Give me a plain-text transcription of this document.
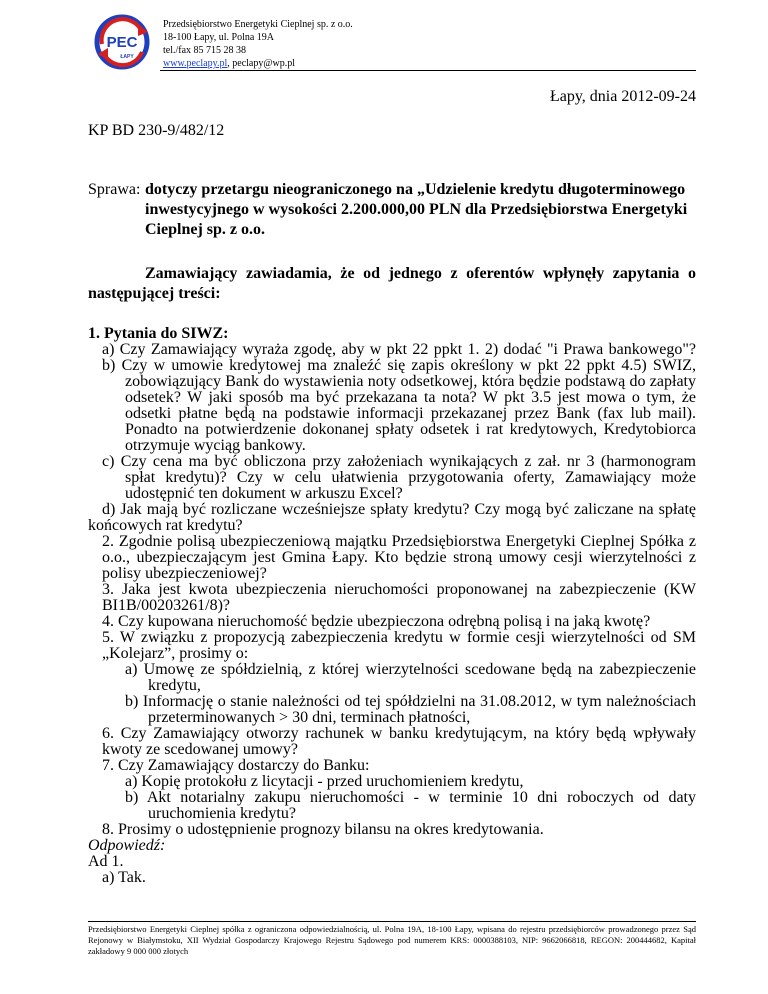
PEC
ŁAPY
Przedsiębiorstwo Energetyki Cieplnej sp. z o.o.
18-100 Łapy, ul. Polna 19A
tel./fax 85 715 28 38
www.peclapy.pl, peclapy@wp.pl
Łapy, dnia 2012-09-24
KP BD 230-9/482/12
Sprawa: dotyczy przetargu nieograniczonego na „Udzielenie kredytu długoterminowego
inwestycyjnego w wysokości 2.200.000,00 PLN dla Przedsiębiorstwa Energetyki
Cieplnej sp. z o.o.
Zamawiający zawiadamia, że od jednego z oferentów wpłynęły zapytania o
następującej treści:
1. Pytania do SIWZ:
a) Czy Zamawiający wyraża zgodę, aby w pkt 22 ppkt 1. 2) dodać "i Prawa bankowego"?
b) Czy w umowie kredytowej ma znaleźć się zapis określony w pkt 22 ppkt 4.5) SWIZ,
zobowiązujący Bank do wystawienia noty odsetkowej, która będzie podstawą do zapłaty
odsetek? W jaki sposób ma być przekazana ta nota? W pkt 3.5 jest mowa o tym, że
odsetki płatne będą na podstawie informacji przekazanej przez Bank (fax lub mail).
Ponadto na potwierdzenie dokonanej spłaty odsetek i rat kredytowych, Kredytobiorca
otrzymuje wyciąg bankowy.
c) Czy cena ma być obliczona przy założeniach wynikających z zał. nr 3 (harmonogram
spłat kredytu)? Czy w celu ułatwienia przygotowania oferty, Zamawiający może
udostępnić ten dokument w arkuszu Excel?
d) Jak mają być rozliczane wcześniejsze spłaty kredytu? Czy mogą być zaliczane na spłatę
końcowych rat kredytu?
2. Zgodnie polisą ubezpieczeniową majątku Przedsiębiorstwa Energetyki Cieplnej Spółka z
o.o., ubezpieczającym jest Gmina Łapy. Kto będzie stroną umowy cesji wierzytelności z
polisy ubezpieczeniowej?
3. Jaka jest kwota ubezpieczenia nieruchomości proponowanej na zabezpieczenie (KW
BI1B/00203261/8)?
4. Czy kupowana nieruchomość będzie ubezpieczona odrębną polisą i na jaką kwotę?
5. W związku z propozycją zabezpieczenia kredytu w formie cesji wierzytelności od SM
„Kolejarz”, prosimy o:
a) Umowę ze spółdzielnią, z której wierzytelności scedowane będą na zabezpieczenie
kredytu,
b) Informację o stanie należności od tej spółdzielni na 31.08.2012, w tym należnościach
przeterminowanych > 30 dni, terminach płatności,
6. Czy Zamawiający otworzy rachunek w banku kredytującym, na który będą wpływały
kwoty ze scedowanej umowy?
7. Czy Zamawiający dostarczy do Banku:
a) Kopię protokołu z licytacji - przed uruchomieniem kredytu,
b) Akt notarialny zakupu nieruchomości - w terminie 10 dni roboczych od daty
uruchomienia kredytu?
8. Prosimy o udostępnienie prognozy bilansu na okres kredytowania.
Odpowiedź:
Ad 1.
a) Tak.
Przedsiębiorstwo Energetyki Cieplnej spółka z ograniczona odpowiedzialnością, ul. Polna 19A, 18-100 Łapy, wpisana do rejestru przedsiębiorców prowadzonego przez Sąd Rejonowy w Białymstoku, XII Wydział Gospodarczy Krajowego Rejestru Sądowego pod numerem KRS: 0000388103, NIP: 9662066818, REGON: 200444682, Kapitał zakładowy 9 000 000 złotych
